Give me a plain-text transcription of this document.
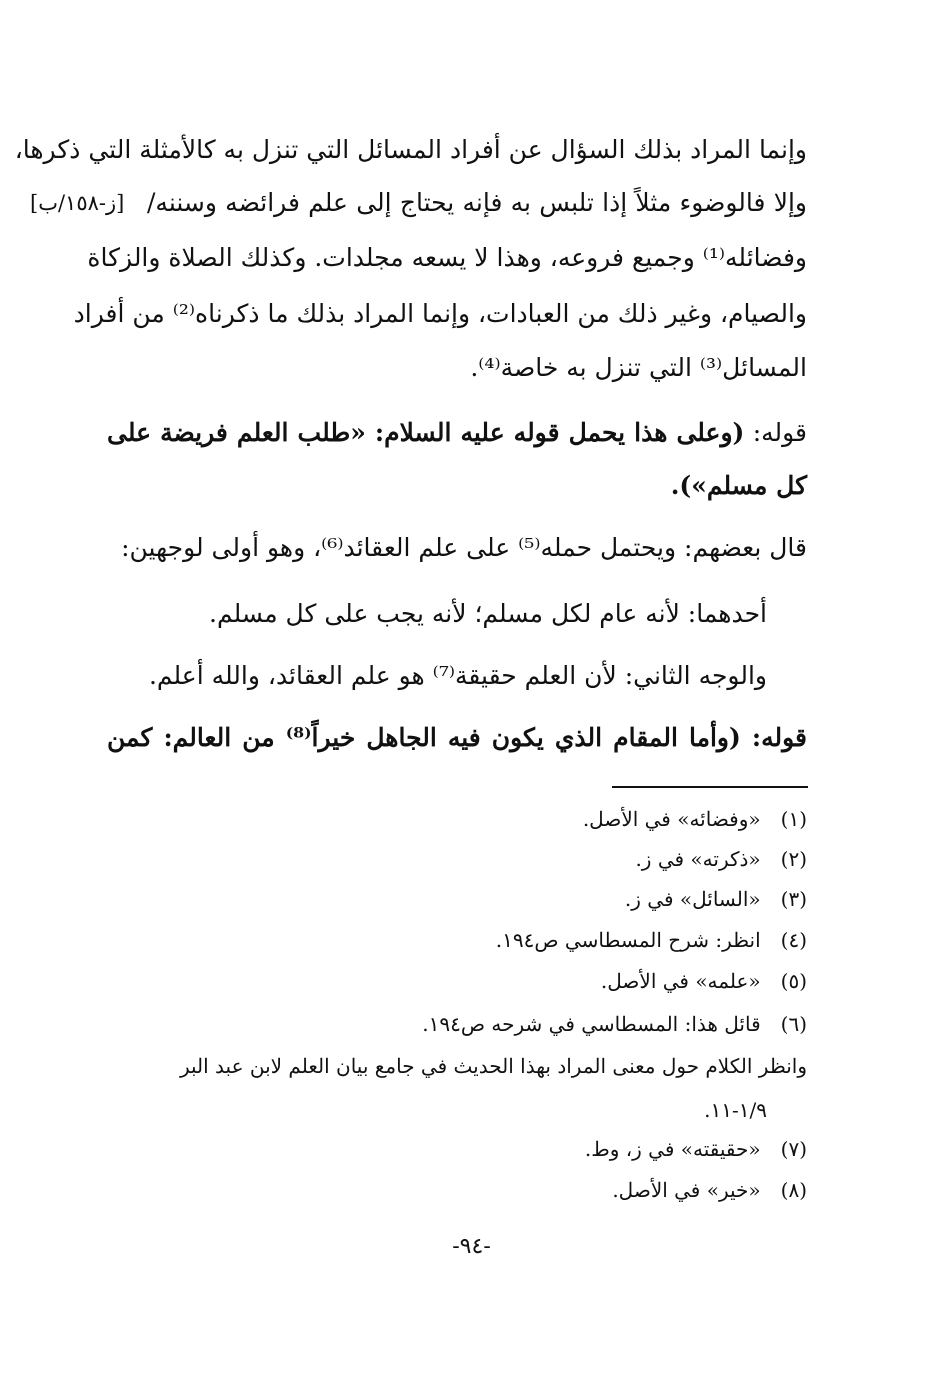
وإنما المراد بذلك السؤال عن أفراد المسائل التي تنزل به كالأمثلة التي ذكرها،
[ز-١٥٨/ب] وإلا فالوضوء مثلاً إذا تلبس به فإنه يحتاج إلى علم فرائضه وسننه/
وفضائله⁽¹⁾ وجميع فروعه، وهذا لا يسعه مجلدات. وكذلك الصلاة والزكاة
والصيام، وغير ذلك من العبادات، وإنما المراد بذلك ما ذكرناه⁽²⁾ من أفراد
المسائل⁽³⁾ التي تنزل به خاصة⁽⁴⁾.
قوله: (وعلى هذا يحمل قوله عليه السلام: «طلب العلم فريضة على
كل مسلم»).
قال بعضهم: ويحتمل حمله⁽⁵⁾ على علم العقائد⁽⁶⁾، وهو أولى لوجهين:
أحدهما: لأنه عام لكل مسلم؛ لأنه يجب على كل مسلم.
والوجه الثاني: لأن العلم حقيقة⁽⁷⁾ هو علم العقائد، والله أعلم.
قوله: (وأما المقام الذي يكون فيه الجاهل خيراً⁽⁸⁾ من العالم: كمن
(١) «وفضائه» في الأصل.
(٢) «ذكرته» في ز.
(٣) «السائل» في ز.
(٤) انظر: شرح المسطاسي ص١٩٤.
(٥) «علمه» في الأصل.
(٦) قائل هذا: المسطاسي في شرحه ص١٩٤.
وانظر الكلام حول معنى المراد بهذا الحديث في جامع بيان العلم لابن عبد البر
١/٩-١١.
(٧) «حقيقته» في ز، وط.
(٨) «خير» في الأصل.
-٩٤-
